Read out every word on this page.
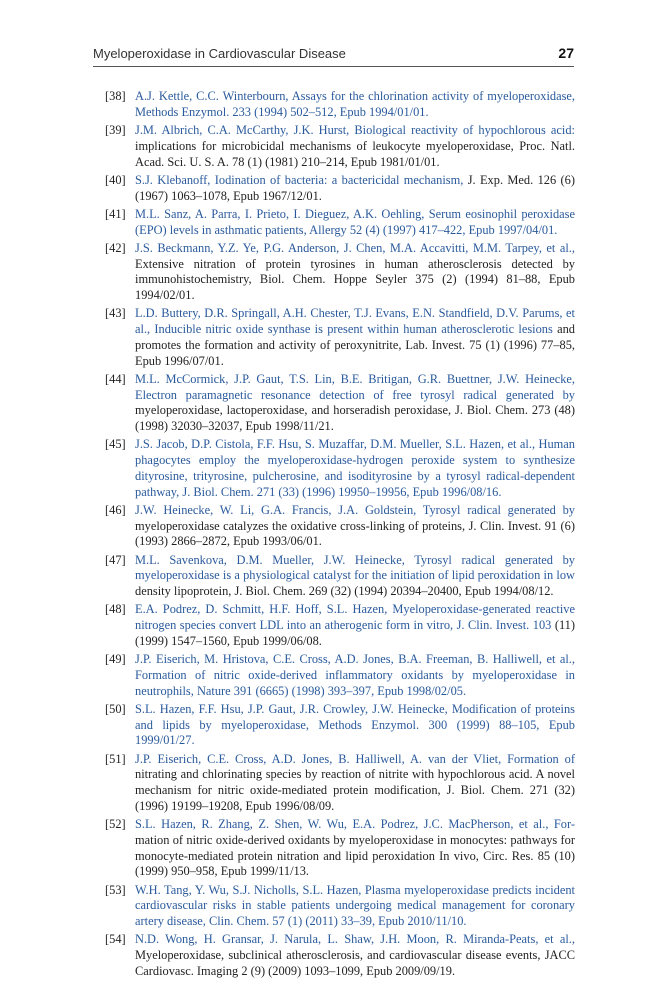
Myeloperoxidase in Cardiovascular Disease	27
[38] A.J. Kettle, C.C. Winterbourn, Assays for the chlorination activity of myeloperoxidase, Methods Enzymol. 233 (1994) 502–512, Epub 1994/01/01.
[39] J.M. Albrich, C.A. McCarthy, J.K. Hurst, Biological reactivity of hypochlorous acid: implications for microbicidal mechanisms of leukocyte myeloperoxidase, Proc. Natl. Acad. Sci. U. S. A. 78 (1) (1981) 210–214, Epub 1981/01/01.
[40] S.J. Klebanoff, Iodination of bacteria: a bactericidal mechanism, J. Exp. Med. 126 (6) (1967) 1063–1078, Epub 1967/12/01.
[41] M.L. Sanz, A. Parra, I. Prieto, I. Dieguez, A.K. Oehling, Serum eosinophil peroxidase (EPO) levels in asthmatic patients, Allergy 52 (4) (1997) 417–422, Epub 1997/04/01.
[42] J.S. Beckmann, Y.Z. Ye, P.G. Anderson, J. Chen, M.A. Accavitti, M.M. Tarpey, et al., Extensive nitration of protein tyrosines in human atherosclerosis detected by immunohistochemistry, Biol. Chem. Hoppe Seyler 375 (2) (1994) 81–88, Epub 1994/02/01.
[43] L.D. Buttery, D.R. Springall, A.H. Chester, T.J. Evans, E.N. Standfield, D.V. Parums, et al., Inducible nitric oxide synthase is present within human atherosclerotic lesions and promotes the formation and activity of peroxynitrite, Lab. Invest. 75 (1) (1996) 77–85, Epub 1996/07/01.
[44] M.L. McCormick, J.P. Gaut, T.S. Lin, B.E. Britigan, G.R. Buettner, J.W. Heinecke, Electron paramagnetic resonance detection of free tyrosyl radical generated by myeloperoxidase, lactoperoxidase, and horseradish peroxidase, J. Biol. Chem. 273 (48) (1998) 32030–32037, Epub 1998/11/21.
[45] J.S. Jacob, D.P. Cistola, F.F. Hsu, S. Muzaffar, D.M. Mueller, S.L. Hazen, et al., Human phagocytes employ the myeloperoxidase-hydrogen peroxide system to synthesize dityrosine, trityrosine, pulcherosine, and isodityrosine by a tyrosyl radical-dependent pathway, J. Biol. Chem. 271 (33) (1996) 19950–19956, Epub 1996/08/16.
[46] J.W. Heinecke, W. Li, G.A. Francis, J.A. Goldstein, Tyrosyl radical generated by myeloperoxidase catalyzes the oxidative cross-linking of proteins, J. Clin. Invest. 91 (6) (1993) 2866–2872, Epub 1993/06/01.
[47] M.L. Savenkova, D.M. Mueller, J.W. Heinecke, Tyrosyl radical generated by myeloperoxidase is a physiological catalyst for the initiation of lipid peroxidation in low density lipoprotein, J. Biol. Chem. 269 (32) (1994) 20394–20400, Epub 1994/08/12.
[48] E.A. Podrez, D. Schmitt, H.F. Hoff, S.L. Hazen, Myeloperoxidase-generated reactive nitrogen species convert LDL into an atherogenic form in vitro, J. Clin. Invest. 103 (11) (1999) 1547–1560, Epub 1999/06/08.
[49] J.P. Eiserich, M. Hristova, C.E. Cross, A.D. Jones, B.A. Freeman, B. Halliwell, et al., Formation of nitric oxide-derived inflammatory oxidants by myeloperoxidase in neutrophils, Nature 391 (6665) (1998) 393–397, Epub 1998/02/05.
[50] S.L. Hazen, F.F. Hsu, J.P. Gaut, J.R. Crowley, J.W. Heinecke, Modification of proteins and lipids by myeloperoxidase, Methods Enzymol. 300 (1999) 88–105, Epub 1999/01/27.
[51] J.P. Eiserich, C.E. Cross, A.D. Jones, B. Halliwell, A. van der Vliet, Formation of nitrating and chlorinating species by reaction of nitrite with hypochlorous acid. A novel mechanism for nitric oxide-mediated protein modification, J. Biol. Chem. 271 (32) (1996) 19199–19208, Epub 1996/08/09.
[52] S.L. Hazen, R. Zhang, Z. Shen, W. Wu, E.A. Podrez, J.C. MacPherson, et al., For- mation of nitric oxide-derived oxidants by myeloperoxidase in monocytes: pathways for monocyte-mediated protein nitration and lipid peroxidation In vivo, Circ. Res. 85 (10) (1999) 950–958, Epub 1999/11/13.
[53] W.H. Tang, Y. Wu, S.J. Nicholls, S.L. Hazen, Plasma myeloperoxidase predicts incident cardiovascular risks in stable patients undergoing medical management for coronary artery disease, Clin. Chem. 57 (1) (2011) 33–39, Epub 2010/11/10.
[54] N.D. Wong, H. Gransar, J. Narula, L. Shaw, J.H. Moon, R. Miranda-Peats, et al., Myeloperoxidase, subclinical atherosclerosis, and cardiovascular disease events, JACC Cardiovasc. Imaging 2 (9) (2009) 1093–1099, Epub 2009/09/19.
